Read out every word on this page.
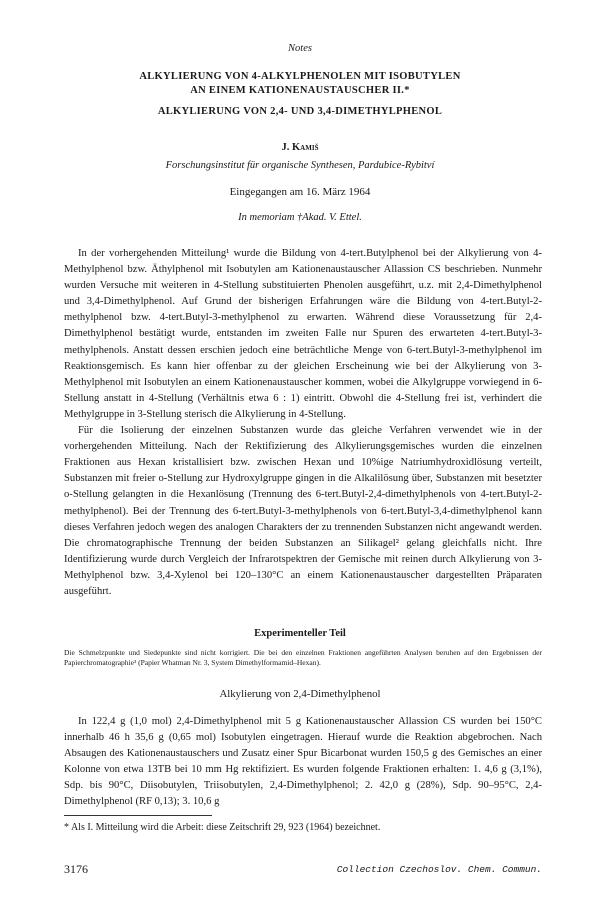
Notes
ALKYLIERUNG VON 4-ALKYLPHENOLEN MIT ISOBUTYLEN
AN EINEM KATIONENAUSTAUSCHER II.*
ALKYLIERUNG VON 2,4- UND 3,4-DIMETHYLPHENOL
J. Kamiš
Forschungsinstitut für organische Synthesen, Pardubice-Rybitví
Eingegangen am 16. März 1964
In memoriam †Akad. V. Ettel.

In der vorhergehenden Mitteilung¹ wurde die Bildung von 4-tert.Butylphenol bei der Alkylierung von 4-Methylphenol bzw. Äthylphenol mit Isobutylen am Kationenaustauscher Allassion CS beschrieben. Nunmehr wurden Versuche mit weiteren in 4-Stellung substituierten Phenolen ausgeführt, u.z. mit 2,4-Dimethylphenol und 3,4-Dimethylphenol. Auf Grund der bisherigen Erfahrungen wäre die Bildung von 4-tert.Butyl-2-methylphenol bzw. 4-tert.Butyl-3-methylphenol zu erwarten. Während diese Voraussetzung für 2,4-Dimethylphenol bestätigt wurde, entstanden im zweiten Falle nur Spuren des erwarteten 4-tert.Butyl-3-methylphenols. Anstatt dessen erschien jedoch eine beträchtliche Menge von 6-tert.Butyl-3-methylphenol im Reaktionsgemisch. Es kann hier offenbar zu der gleichen Erscheinung wie bei der Alkylierung von 3-Methylphenol mit Isobutylen an einem Kationenaustauscher kommen, wobei die Alkylgruppe vorwiegend in 6-Stellung anstatt in 4-Stellung (Verhältnis etwa 6 : 1) eintritt. Obwohl die 4-Stellung frei ist, verhindert die Methylgruppe in 3-Stellung sterisch die Alkylierung in 4-Stellung.

Für die Isolierung der einzelnen Substanzen wurde das gleiche Verfahren verwendet wie in der vorhergehenden Mitteilung. Nach der Rektifizierung des Alkylierungsgemisches wurden die einzelnen Fraktionen aus Hexan kristallisiert bzw. zwischen Hexan und 10%ige Natriumhydroxidlösung verteilt, Substanzen mit freier o-Stellung zur Hydroxylgruppe gingen in die Alkalilösung über, Substanzen mit besetzter o-Stellung gelangten in die Hexanlösung (Trennung des 6-tert.Butyl-2,4-dimethylphenols von 4-tert.Butyl-2-methylphenol). Bei der Trennung des 6-tert.Butyl-3-methylphenols von 6-tert.Butyl-3,4-dimethylphenol kann dieses Verfahren jedoch wegen des analogen Charakters der zu trennenden Substanzen nicht angewandt werden. Die chromatographische Trennung der beiden Substanzen an Silikagel² gelang gleichfalls nicht. Ihre Identifizierung wurde durch Vergleich der Infrarotspektren der Gemische mit reinen durch Alkylierung von 3-Methylphenol bzw. 3,4-Xylenol bei 120–130°C an einem Kationenaustauscher dargestellten Präparaten ausgeführt.

Experimenteller Teil
Die Schmelzpunkte und Siedepunkte sind nicht korrigiert. Die bei den einzelnen Fraktionen angeführten Analysen beruhen auf den Ergebnissen der Papierchromatographie³ (Papier Whatman Nr. 3, System Dimethylformamid–Hexan).
Alkylierung von 2,4-Dimethylphenol

In 122,4 g (1,0 mol) 2,4-Dimethylphenol mit 5 g Kationenaustauscher Allassion CS wurden bei 150°C innerhalb 46 h 35,6 g (0,65 mol) Isobutylen eingetragen. Hierauf wurde die Reaktion abgebrochen. Nach Absaugen des Kationenaustauschers und Zusatz einer Spur Bicarbonat wurden 150,5 g des Gemisches an einer Kolonne von etwa 13TB bei 10 mm Hg rektifiziert. Es wurden folgende Fraktionen erhalten: 1. 4,6 g (3,1%), Sdp. bis 90°C, Diisobutylen, Triisobutylen, 2,4-Dimethylphenol; 2. 42,0 g (28%), Sdp. 90–95°C, 2,4-Dimethylphenol (RF 0,13); 3. 10,6 g

* Als I. Mitteilung wird die Arbeit: diese Zeitschrift 29, 923 (1964) bezeichnet.
3176	Collection Czechoslov. Chem. Commun.
